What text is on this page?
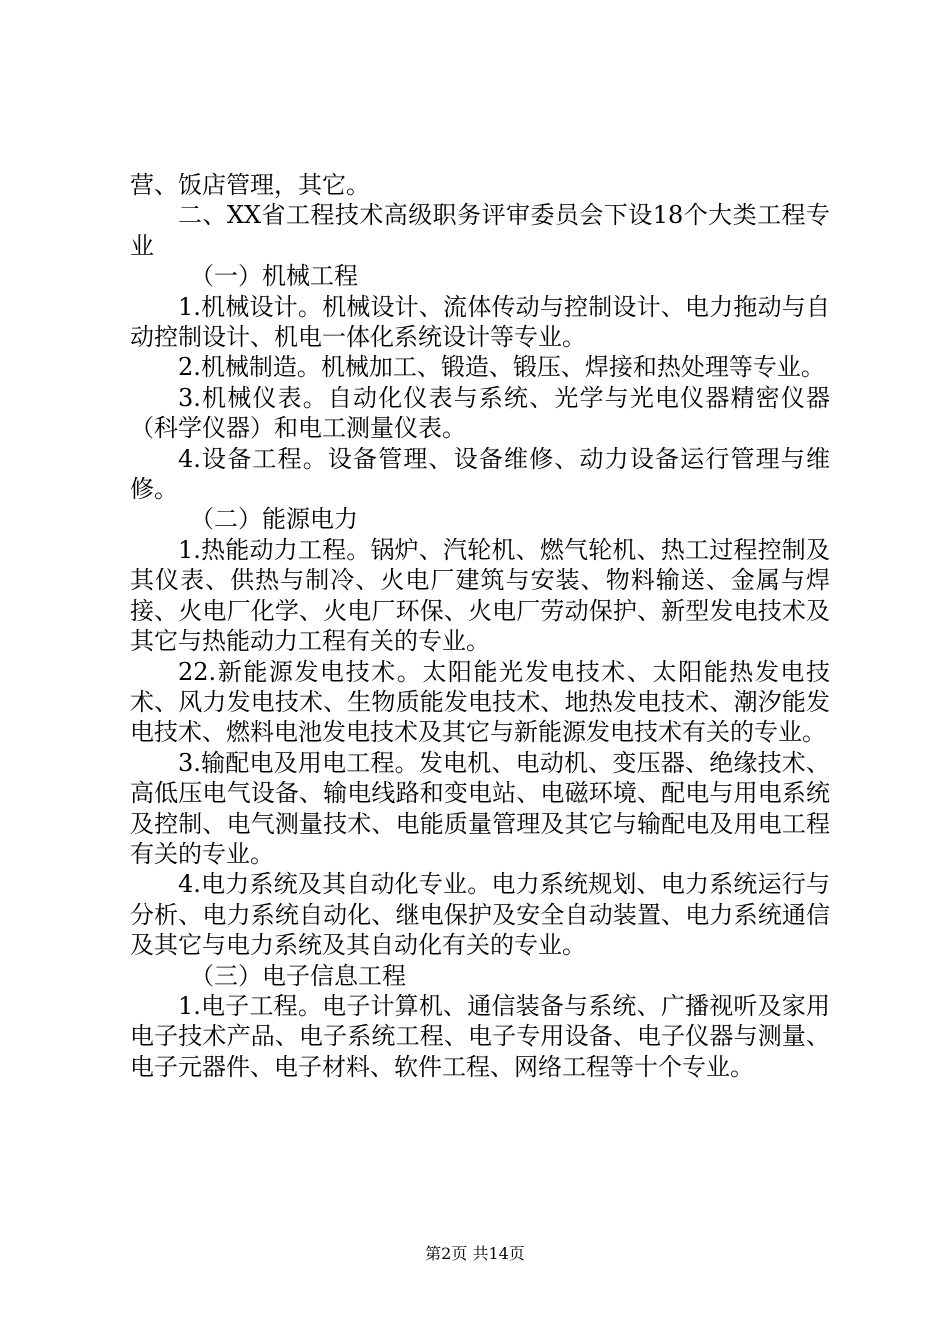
营、饭店管理，其它。

二、XX省工程技术高级职务评审委员会下设18个大类工程专业

（一）机械工程

1.机械设计。机械设计、流体传动与控制设计、电力拖动与自动控制设计、机电一体化系统设计等专业。

2.机械制造。机械加工、锻造、锻压、焊接和热处理等专业。

3.机械仪表。自动化仪表与系统、光学与光电仪器精密仪器（科学仪器）和电工测量仪表。

4.设备工程。设备管理、设备维修、动力设备运行管理与维修。

（二）能源电力

1.热能动力工程。锅炉、汽轮机、燃气轮机、热工过程控制及其仪表、供热与制冷、火电厂建筑与安装、物料输送、金属与焊接、火电厂化学、火电厂环保、火电厂劳动保护、新型发电技术及其它与热能动力工程有关的专业。

22.新能源发电技术。太阳能光发电技术、太阳能热发电技术、风力发电技术、生物质能发电技术、地热发电技术、潮汐能发电技术、燃料电池发电技术及其它与新能源发电技术有关的专业。

3.输配电及用电工程。发电机、电动机、变压器、绝缘技术、高低压电气设备、输电线路和变电站、电磁环境、配电与用电系统及控制、电气测量技术、电能质量管理及其它与输配电及用电工程有关的专业。

4.电力系统及其自动化专业。电力系统规划、电力系统运行与分析、电力系统自动化、继电保护及安全自动装置、电力系统通信及其它与电力系统及其自动化有关的专业。

（三）电子信息工程

1.电子工程。电子计算机、通信装备与系统、广播视听及家用电子技术产品、电子系统工程、电子专用设备、电子仪器与测量、电子元器件、电子材料、软件工程、网络工程等十个专业。

第2页 共14页
